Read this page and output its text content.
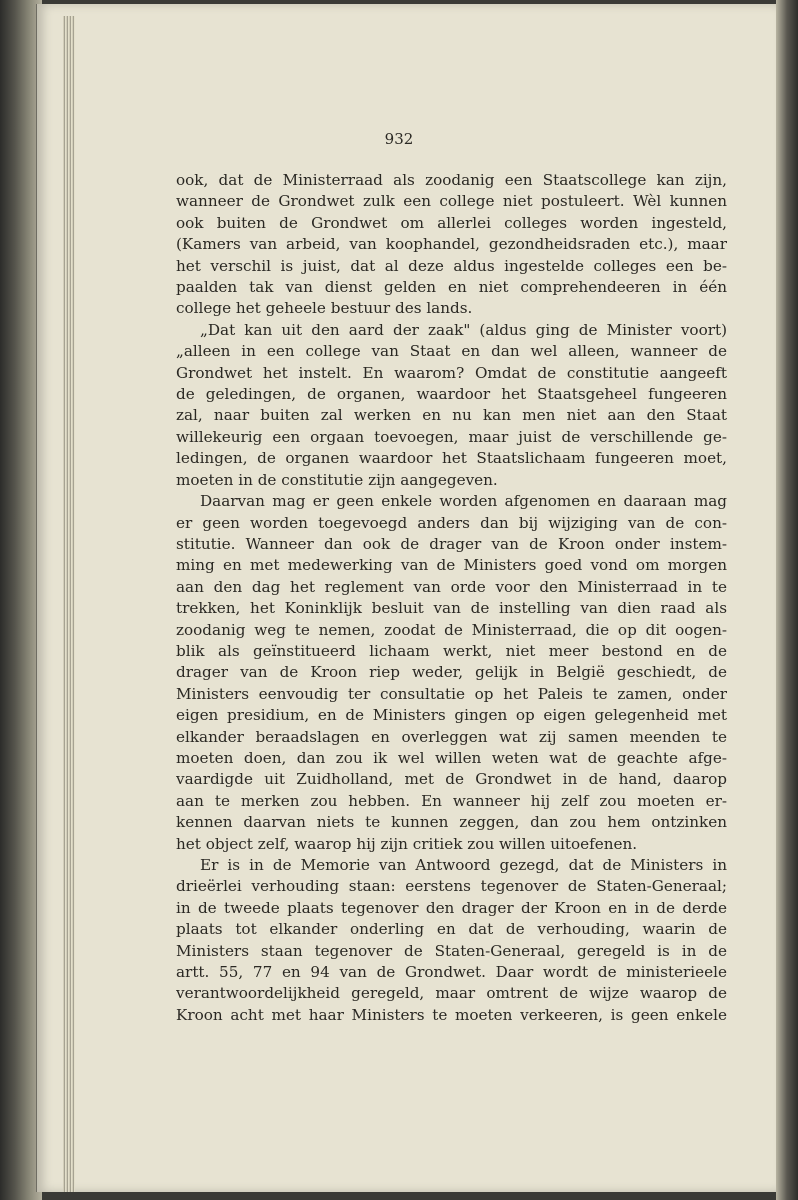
932
ook, dat de Ministerraad als zoodanig een Staatscollege kan zijn,
wanneer de Grondwet zulk een college niet postuleert. Wèl kunnen
ook buiten de Grondwet om allerlei colleges worden ingesteld,
(Kamers van arbeid, van koophandel, gezondheidsraden etc.), maar
het verschil is juist, dat al deze aldus ingestelde colleges een be-
paalden tak van dienst gelden en niet comprehendeeren in één
college het geheele bestuur des lands.
„Dat kan uit den aard der zaak" (aldus ging de Minister voort)
„alleen in een college van Staat en dan wel alleen, wanneer de
Grondwet het instelt. En waarom? Omdat de constitutie aangeeft
de geledingen, de organen, waardoor het Staatsgeheel fungeeren
zal, naar buiten zal werken en nu kan men niet aan den Staat
willekeurig een orgaan toevoegen, maar juist de verschillende ge-
ledingen, de organen waardoor het Staatslichaam fungeeren moet,
moeten in de constitutie zijn aangegeven.
Daarvan mag er geen enkele worden afgenomen en daaraan mag
er geen worden toegevoegd anders dan bij wijziging van de con-
stitutie. Wanneer dan ook de drager van de Kroon onder instem-
ming en met medewerking van de Ministers goed vond om morgen
aan den dag het reglement van orde voor den Ministerraad in te
trekken, het Koninklijk besluit van de instelling van dien raad als
zoodanig weg te nemen, zoodat de Ministerraad, die op dit oogen-
blik als geïnstitueerd lichaam werkt, niet meer bestond en de
drager van de Kroon riep weder, gelijk in België geschiedt, de
Ministers eenvoudig ter consultatie op het Paleis te zamen, onder
eigen presidium, en de Ministers gingen op eigen gelegenheid met
elkander beraadslagen en overleggen wat zij samen meenden te
moeten doen, dan zou ik wel willen weten wat de geachte afge-
vaardigde uit Zuidholland, met de Grondwet in de hand, daarop
aan te merken zou hebben. En wanneer hij zelf zou moeten er-
kennen daarvan niets te kunnen zeggen, dan zou hem ontzinken
het object zelf, waarop hij zijn critiek zou willen uitoefenen.
Er is in de Memorie van Antwoord gezegd, dat de Ministers in
drieërlei verhouding staan: eerstens tegenover de Staten-Generaal;
in de tweede plaats tegenover den drager der Kroon en in de derde
plaats tot elkander onderling en dat de verhouding, waarin de
Ministers staan tegenover de Staten-Generaal, geregeld is in de
artt. 55, 77 en 94 van de Grondwet. Daar wordt de ministerieele
verantwoordelijkheid geregeld, maar omtrent de wijze waarop de
Kroon acht met haar Ministers te moeten verkeeren, is geen enkele
